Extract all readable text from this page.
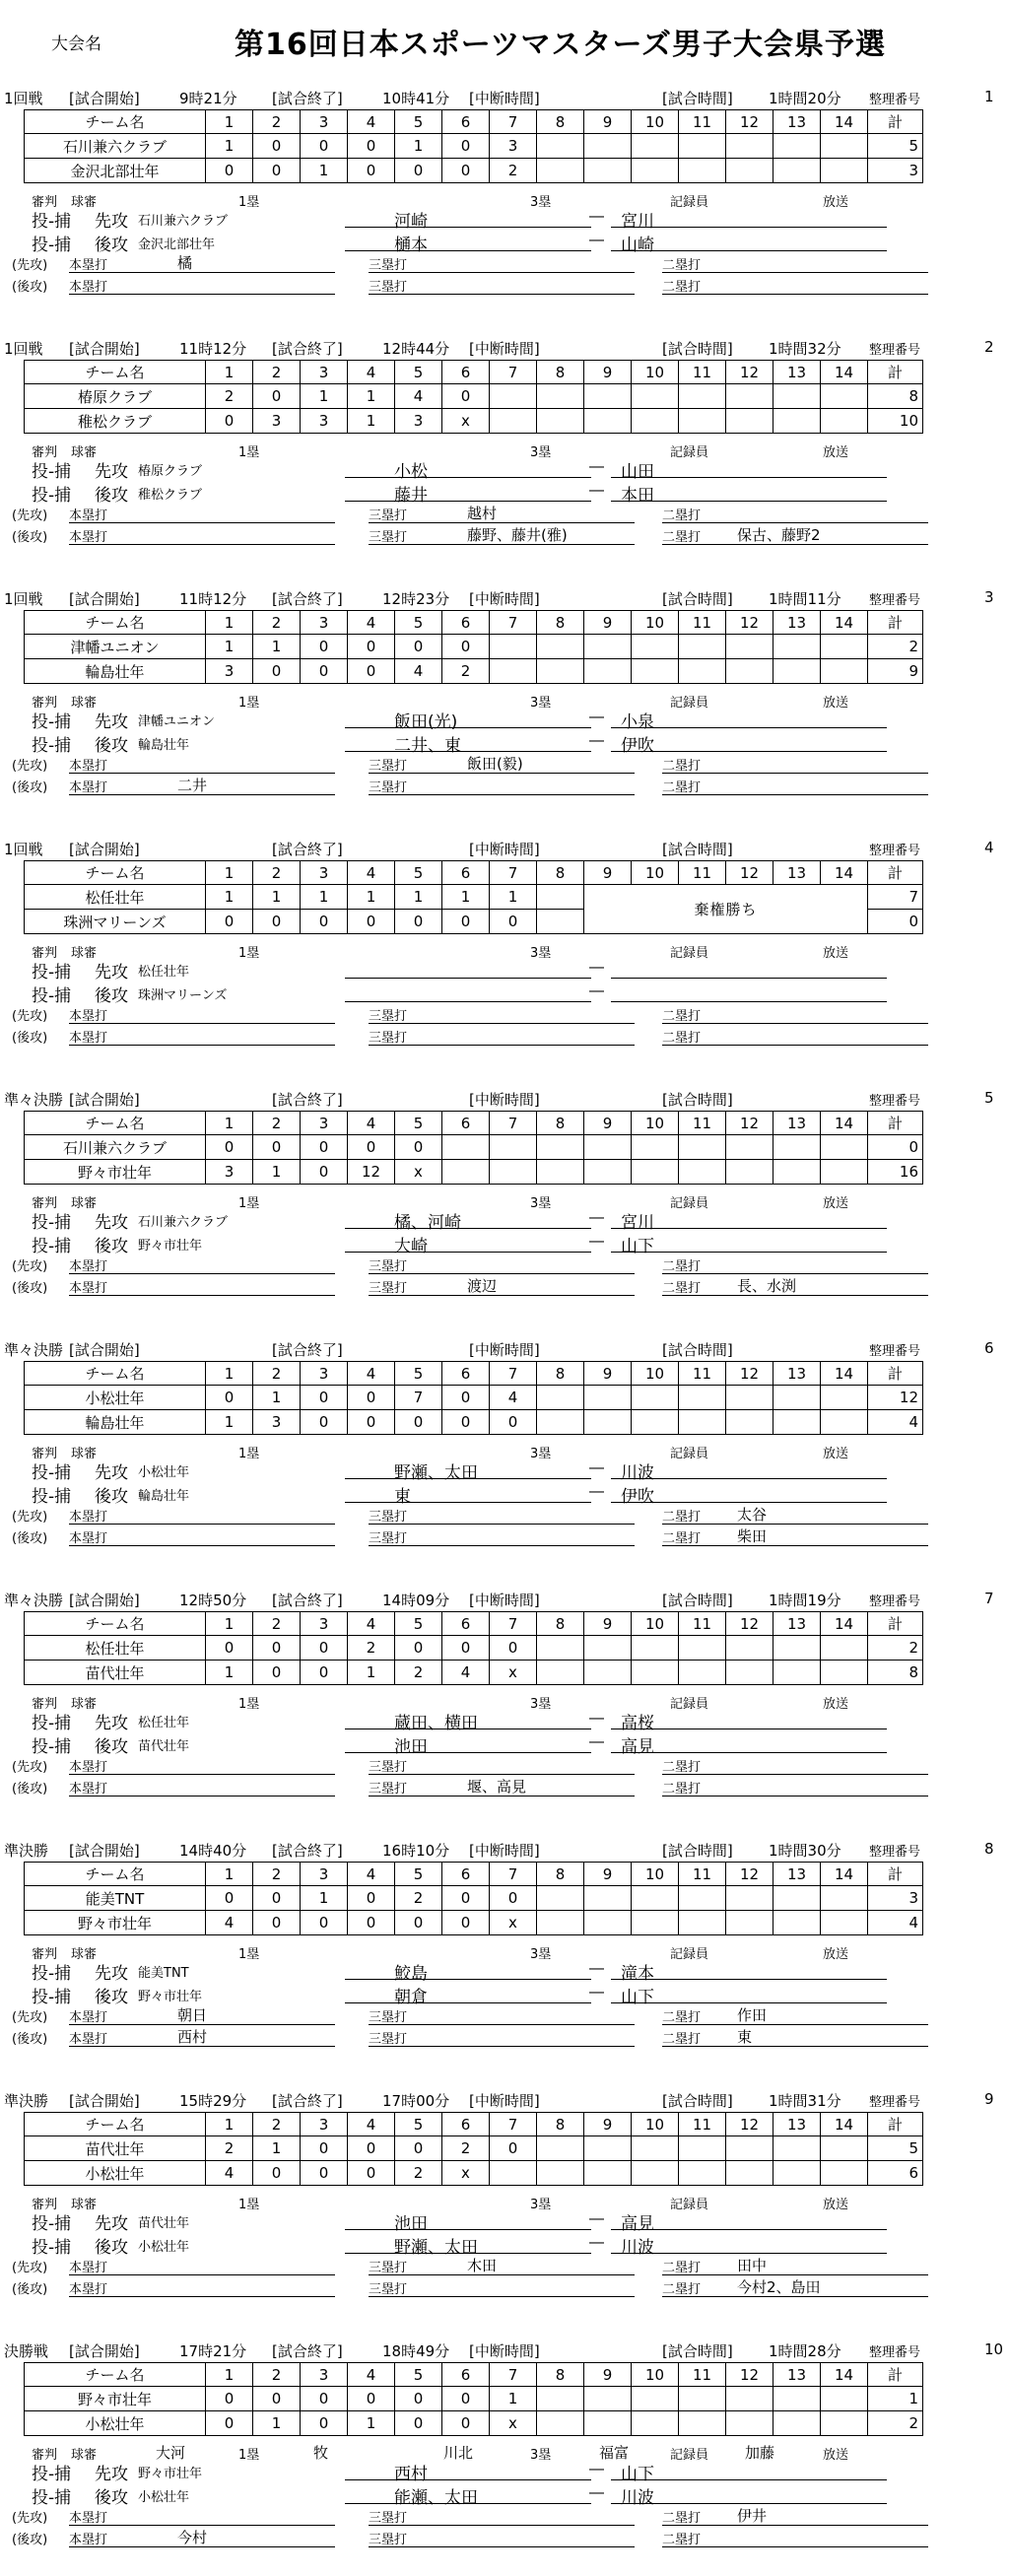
大会名	第16回日本スポーツマスターズ男子大会県予選
1回戦 [試合開始]	9時21分 [試合終了]	10時41分 [中断時間]	[試合時間] 1時間20分 整理番号	1
チーム名	1	2	3	4	5	6	7	8	9	10	11	12	13	14	計
石川兼六クラブ	1	0	0	0	1	0	3								5
金沢北部壮年	0	0	1	0	0	0	2								3
審判 球審	1塁	3塁	記録員	放送
投-捕 先攻 石川兼六クラブ	河崎	― 宮川
投-捕 後攻 金沢北部壮年	樋本	― 山崎
(先攻) 本塁打	橘	三塁打	二塁打
(後攻) 本塁打	三塁打	二塁打
1回戦 [試合開始]	11時12分 [試合終了]	12時44分 [中断時間]	[試合時間] 1時間32分 整理番号	2
チーム名	1	2	3	4	5	6	7	8	9	10	11	12	13	14	計
椿原クラブ	2	0	1	1	4	0									8
稚松クラブ	0	3	3	1	3	x									10
審判 球審	1塁	3塁	記録員	放送
投-捕 先攻 椿原クラブ	小松	― 山田
投-捕 後攻 稚松クラブ	藤井	― 本田
(先攻) 本塁打	三塁打	越村	二塁打
(後攻) 本塁打	三塁打	藤野、藤井(雅)	二塁打 保古、藤野2
1回戦 [試合開始]	11時12分 [試合終了]	12時23分 [中断時間]	[試合時間] 1時間11分 整理番号	3
チーム名	1	2	3	4	5	6	7	8	9	10	11	12	13	14	計
津幡ユニオン	1	1	0	0	0	0									2
輪島壮年	3	0	0	0	4	2									9
審判 球審	1塁	3塁	記録員	放送
投-捕 先攻 津幡ユニオン	飯田(光)	― 小泉
投-捕 後攻 輪島壮年	二井、東	― 伊吹
(先攻) 本塁打	三塁打	飯田(毅)	二塁打
(後攻) 本塁打	二井	三塁打	二塁打
1回戦 [試合開始]	[試合終了]	[中断時間]	[試合時間]	整理番号	4
チーム名	1	2	3	4	5	6	7	8	9	10	11	12	13	14	計
松任壮年	1	1	1	1	1	1	1		棄権勝ち						7
珠洲マリーンズ	0	0	0	0	0	0	0								0
審判 球審	1塁	3塁	記録員	放送
投-捕 先攻 松任壮年	―
投-捕 後攻 珠洲マリーンズ	―
(先攻) 本塁打	三塁打	二塁打
(後攻) 本塁打	三塁打	二塁打
準々決勝 [試合開始]	[試合終了]	[中断時間]	[試合時間]	整理番号	5
チーム名	1	2	3	4	5	6	7	8	9	10	11	12	13	14	計
石川兼六クラブ	0	0	0	0	0										0
野々市壮年	3	1	0	12	x										16
審判 球審	1塁	3塁	記録員	放送
投-捕 先攻 石川兼六クラブ	橘、河崎	― 宮川
投-捕 後攻 野々市壮年	大崎	― 山下
(先攻) 本塁打	三塁打	二塁打
(後攻) 本塁打	三塁打	渡辺	二塁打 長、水渕
準々決勝 [試合開始]	[試合終了]	[中断時間]	[試合時間]	整理番号	6
チーム名	1	2	3	4	5	6	7	8	9	10	11	12	13	14	計
小松壮年	0	1	0	0	7	0	4								12
輪島壮年	1	3	0	0	0	0	0								4
審判 球審	1塁	3塁	記録員	放送
投-捕 先攻 小松壮年	野瀬、太田	― 川波
投-捕 後攻 輪島壮年	東	― 伊吹
(先攻) 本塁打	三塁打	二塁打 太谷
(後攻) 本塁打	三塁打	二塁打 柴田
準々決勝 [試合開始]	12時50分 [試合終了]	14時09分 [中断時間]	[試合時間] 1時間19分 整理番号	7
チーム名	1	2	3	4	5	6	7	8	9	10	11	12	13	14	計
松任壮年	0	0	0	2	0	0	0								2
苗代壮年	1	0	0	1	2	4	x								8
審判 球審	1塁	3塁	記録員	放送
投-捕 先攻 松任壮年	蔵田、横田	― 高桜
投-捕 後攻 苗代壮年	池田	― 高見
(先攻) 本塁打	三塁打	二塁打
(後攻) 本塁打	三塁打	堰、高見	二塁打
準決勝 [試合開始]	14時40分 [試合終了]	16時10分 [中断時間]	[試合時間] 1時間30分 整理番号	8
チーム名	1	2	3	4	5	6	7	8	9	10	11	12	13	14	計
能美TNT	0	0	1	0	2	0	0								3
野々市壮年	4	0	0	0	0	0	x								4
審判 球審	1塁	3塁	記録員	放送
投-捕 先攻 能美TNT	鮫島	― 滝本
投-捕 後攻 野々市壮年	朝倉	― 山下
(先攻) 本塁打	朝日	三塁打	二塁打 作田
(後攻) 本塁打	西村	三塁打	二塁打 東
準決勝 [試合開始]	15時29分 [試合終了]	17時00分 [中断時間]	[試合時間] 1時間31分 整理番号	9
チーム名	1	2	3	4	5	6	7	8	9	10	11	12	13	14	計
苗代壮年	2	1	0	0	0	2	0								5
小松壮年	4	0	0	0	2	x									6
審判 球審	1塁	3塁	記録員	放送
投-捕 先攻 苗代壮年	池田	― 高見
投-捕 後攻 小松壮年	野瀬、太田	― 川波
(先攻) 本塁打	三塁打	木田	二塁打 田中
(後攻) 本塁打	三塁打	二塁打 今村2、島田
決勝戦 [試合開始]	17時21分 [試合終了]	18時49分 [中断時間]	[試合時間] 1時間28分 整理番号	10
チーム名	1	2	3	4	5	6	7	8	9	10	11	12	13	14	計
野々市壮年	0	0	0	0	0	0	1								1
小松壮年	0	1	0	1	0	0	x								2
審判 球審	大河	1塁	牧	川北	3塁	福富	記録員 加藤	放送
投-捕 先攻 野々市壮年	西村	― 山下
投-捕 後攻 小松壮年	能瀬、太田	― 川波
(先攻) 本塁打	三塁打	二塁打 伊井
(後攻) 本塁打	今村	三塁打	二塁打
